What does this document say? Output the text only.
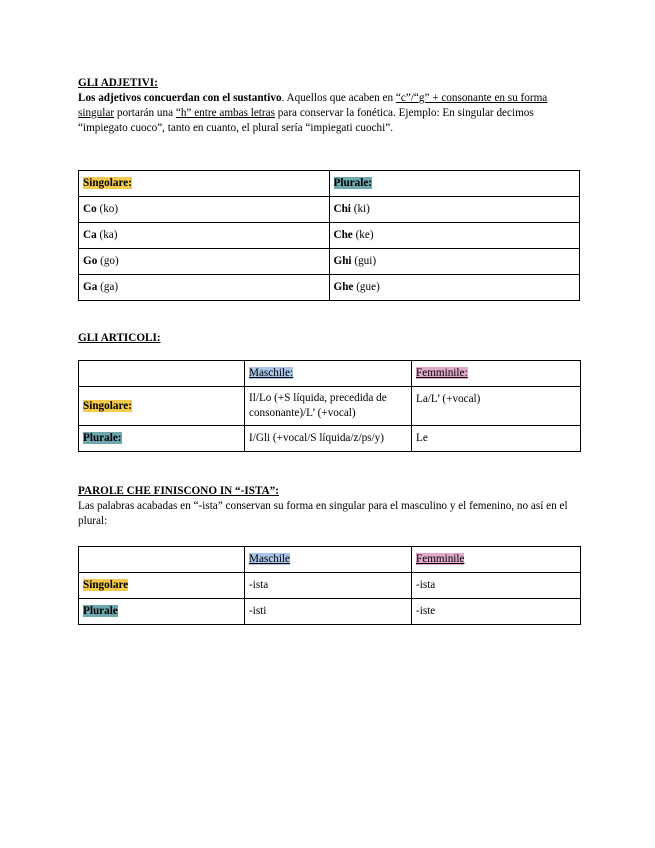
GLI ADJETIVI:

Los adjetivos concuerdan con el sustantivo. Aquellos que acaben en “c”/“g” + consonante en su forma singular portarán una “h” entre ambas letras para conservar la fonética. Ejemplo: En singular decimos “impiegato cuoco”, tanto en cuanto, el plural sería “impiegati cuochi”.

Singolare:	Plurale:
Co (ko)	Chi (ki)
Ca (ka)	Che (ke)
Go (go)	Ghi (gui)
Ga (ga)	Ghe (gue)
GLI ARTICOLI:
	Maschile:	Femminile:
Singolare:	Il/Lo (+S líquida, precedida de consonante)/L’ (+vocal)	La/L’ (+vocal)
Plurale:	I/Gli (+vocal/S líquida/z/ps/y)	Le
PAROLE CHE FINISCONO IN “-ISTA”:

Las palabras acabadas en “-ista” conservan su forma en singular para el masculino y el femenino, no así en el plural:

	Maschile	Femminile
Singolare	-ista	-ista
Plurale	-isti	-iste
